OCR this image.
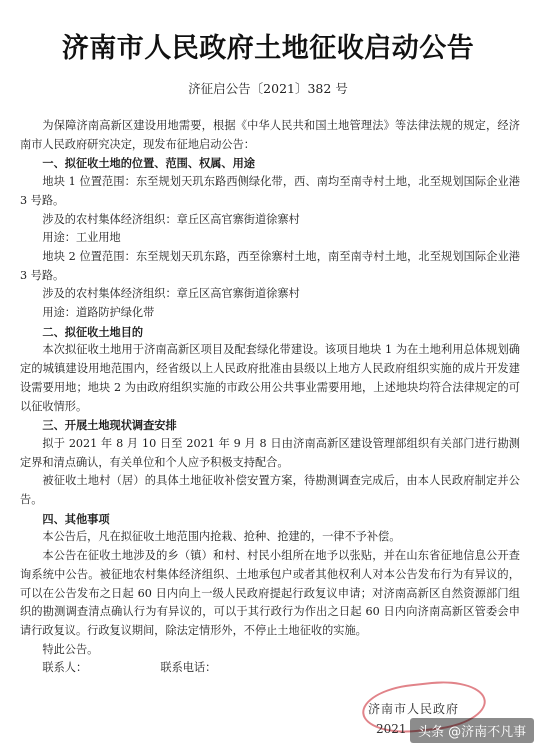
济南市人民政府土地征收启动公告
济征启公告〔2021〕382 号

为保障济南高新区建设用地需要，根据《中华人民共和国土地管理法》等法律法规的规定，经济南市人民政府研究决定，现发布征地启动公告：

一、拟征收土地的位置、范围、权属、用途

地块 1 位置范围：东至规划天玑东路西侧绿化带，西、南均至南寺村土地，北至规划国际企业港 3 号路。

涉及的农村集体经济组织：章丘区高官寨街道徐寨村

用途：工业用地

地块 2 位置范围：东至规划天玑东路，西至徐寨村土地，南至南寺村土地，北至规划国际企业港 3 号路。

涉及的农村集体经济组织：章丘区高官寨街道徐寨村

用途：道路防护绿化带

二、拟征收土地目的

本次拟征收土地用于济南高新区项目及配套绿化带建设。该项目地块 1 为在土地利用总体规划确定的城镇建设用地范围内，经省级以上人民政府批准由县级以上地方人民政府组织实施的成片开发建设需要用地；地块 2 为由政府组织实施的市政公用公共事业需要用地，上述地块均符合法律规定的可以征收情形。

三、开展土地现状调查安排

拟于 2021 年 8 月 10 日至 2021 年 9 月 8 日由济南高新区建设管理部组织有关部门进行勘测定界和清点确认，有关单位和个人应予积极支持配合。

被征收土地村（居）的具体土地征收补偿安置方案，待勘测调查完成后，由本人民政府制定并公告。

四、其他事项

本公告后，凡在拟征收土地范围内抢栽、抢种、抢建的，一律不予补偿。

本公告在征收土地涉及的乡（镇）和村、村民小组所在地予以张贴，并在山东省征地信息公开查询系统中公告。被征地农村集体经济组织、土地承包户或者其他权利人对本公告发布行为有异议的，可以在公告发布之日起 60 日内向上一级人民政府提起行政复议申请；对济南高新区自然资源部门组织的勘测调查清点确认行为有异议的，可以于其行政行为作出之日起 60 日内向济南高新区管委会申请行政复议。行政复议期间，除法定情形外，不停止土地征收的实施。

特此公告。

联系人：	联系电话：
济南市人民政府
2021 头条 @济南不凡事
